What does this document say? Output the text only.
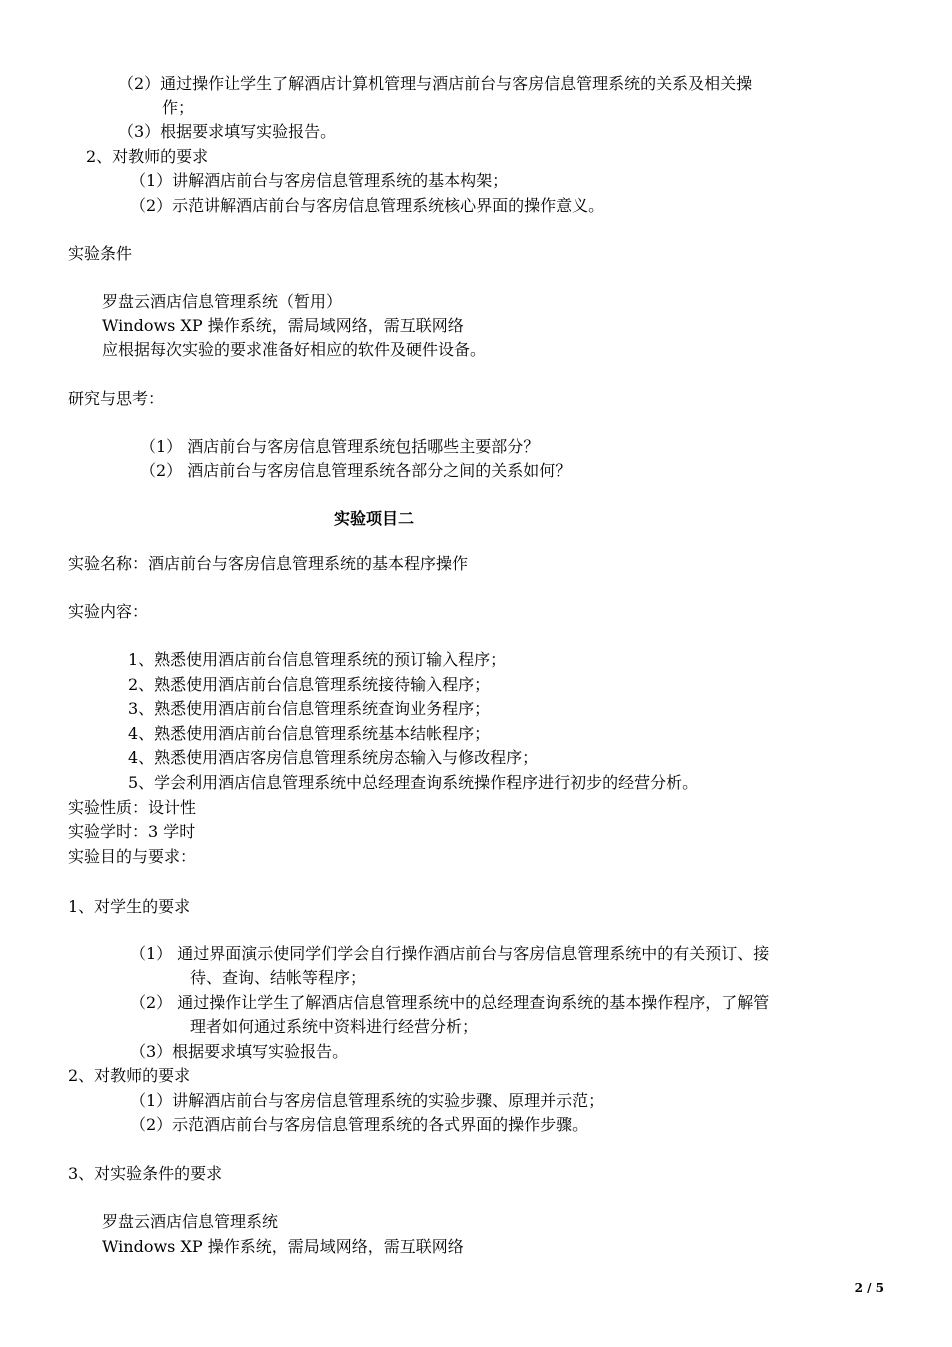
（2）通过操作让学生了解酒店计算机管理与酒店前台与客房信息管理系统的关系及相关操
作；
（3）根据要求填写实验报告。
2、对教师的要求
（1）讲解酒店前台与客房信息管理系统的基本构架；
（2）示范讲解酒店前台与客房信息管理系统核心界面的操作意义。
实验条件
罗盘云酒店信息管理系统（暂用）
Windows XP 操作系统，需局域网络，需互联网络
应根据每次实验的要求准备好相应的软件及硬件设备。
研究与思考：
（1） 酒店前台与客房信息管理系统包括哪些主要部分？
（2） 酒店前台与客房信息管理系统各部分之间的关系如何？
实验项目二
实验名称：酒店前台与客房信息管理系统的基本程序操作
实验内容：
1、熟悉使用酒店前台信息管理系统的预订输入程序；
2、熟悉使用酒店前台信息管理系统接待输入程序；
3、熟悉使用酒店前台信息管理系统查询业务程序；
4、熟悉使用酒店前台信息管理系统基本结帐程序；
4、熟悉使用酒店客房信息管理系统房态输入与修改程序；
5、学会利用酒店信息管理系统中总经理查询系统操作程序进行初步的经营分析。
实验性质：设计性
实验学时：3 学时
实验目的与要求：
1、对学生的要求
（1） 通过界面演示使同学们学会自行操作酒店前台与客房信息管理系统中的有关预订、接
待、查询、结帐等程序；
（2） 通过操作让学生了解酒店信息管理系统中的总经理查询系统的基本操作程序，了解管
理者如何通过系统中资料进行经营分析；
（3）根据要求填写实验报告。
2、对教师的要求
（1）讲解酒店前台与客房信息管理系统的实验步骤、原理并示范；
（2）示范酒店前台与客房信息管理系统的各式界面的操作步骤。
3、对实验条件的要求
罗盘云酒店信息管理系统
Windows XP 操作系统，需局域网络，需互联网络
2 / 5
